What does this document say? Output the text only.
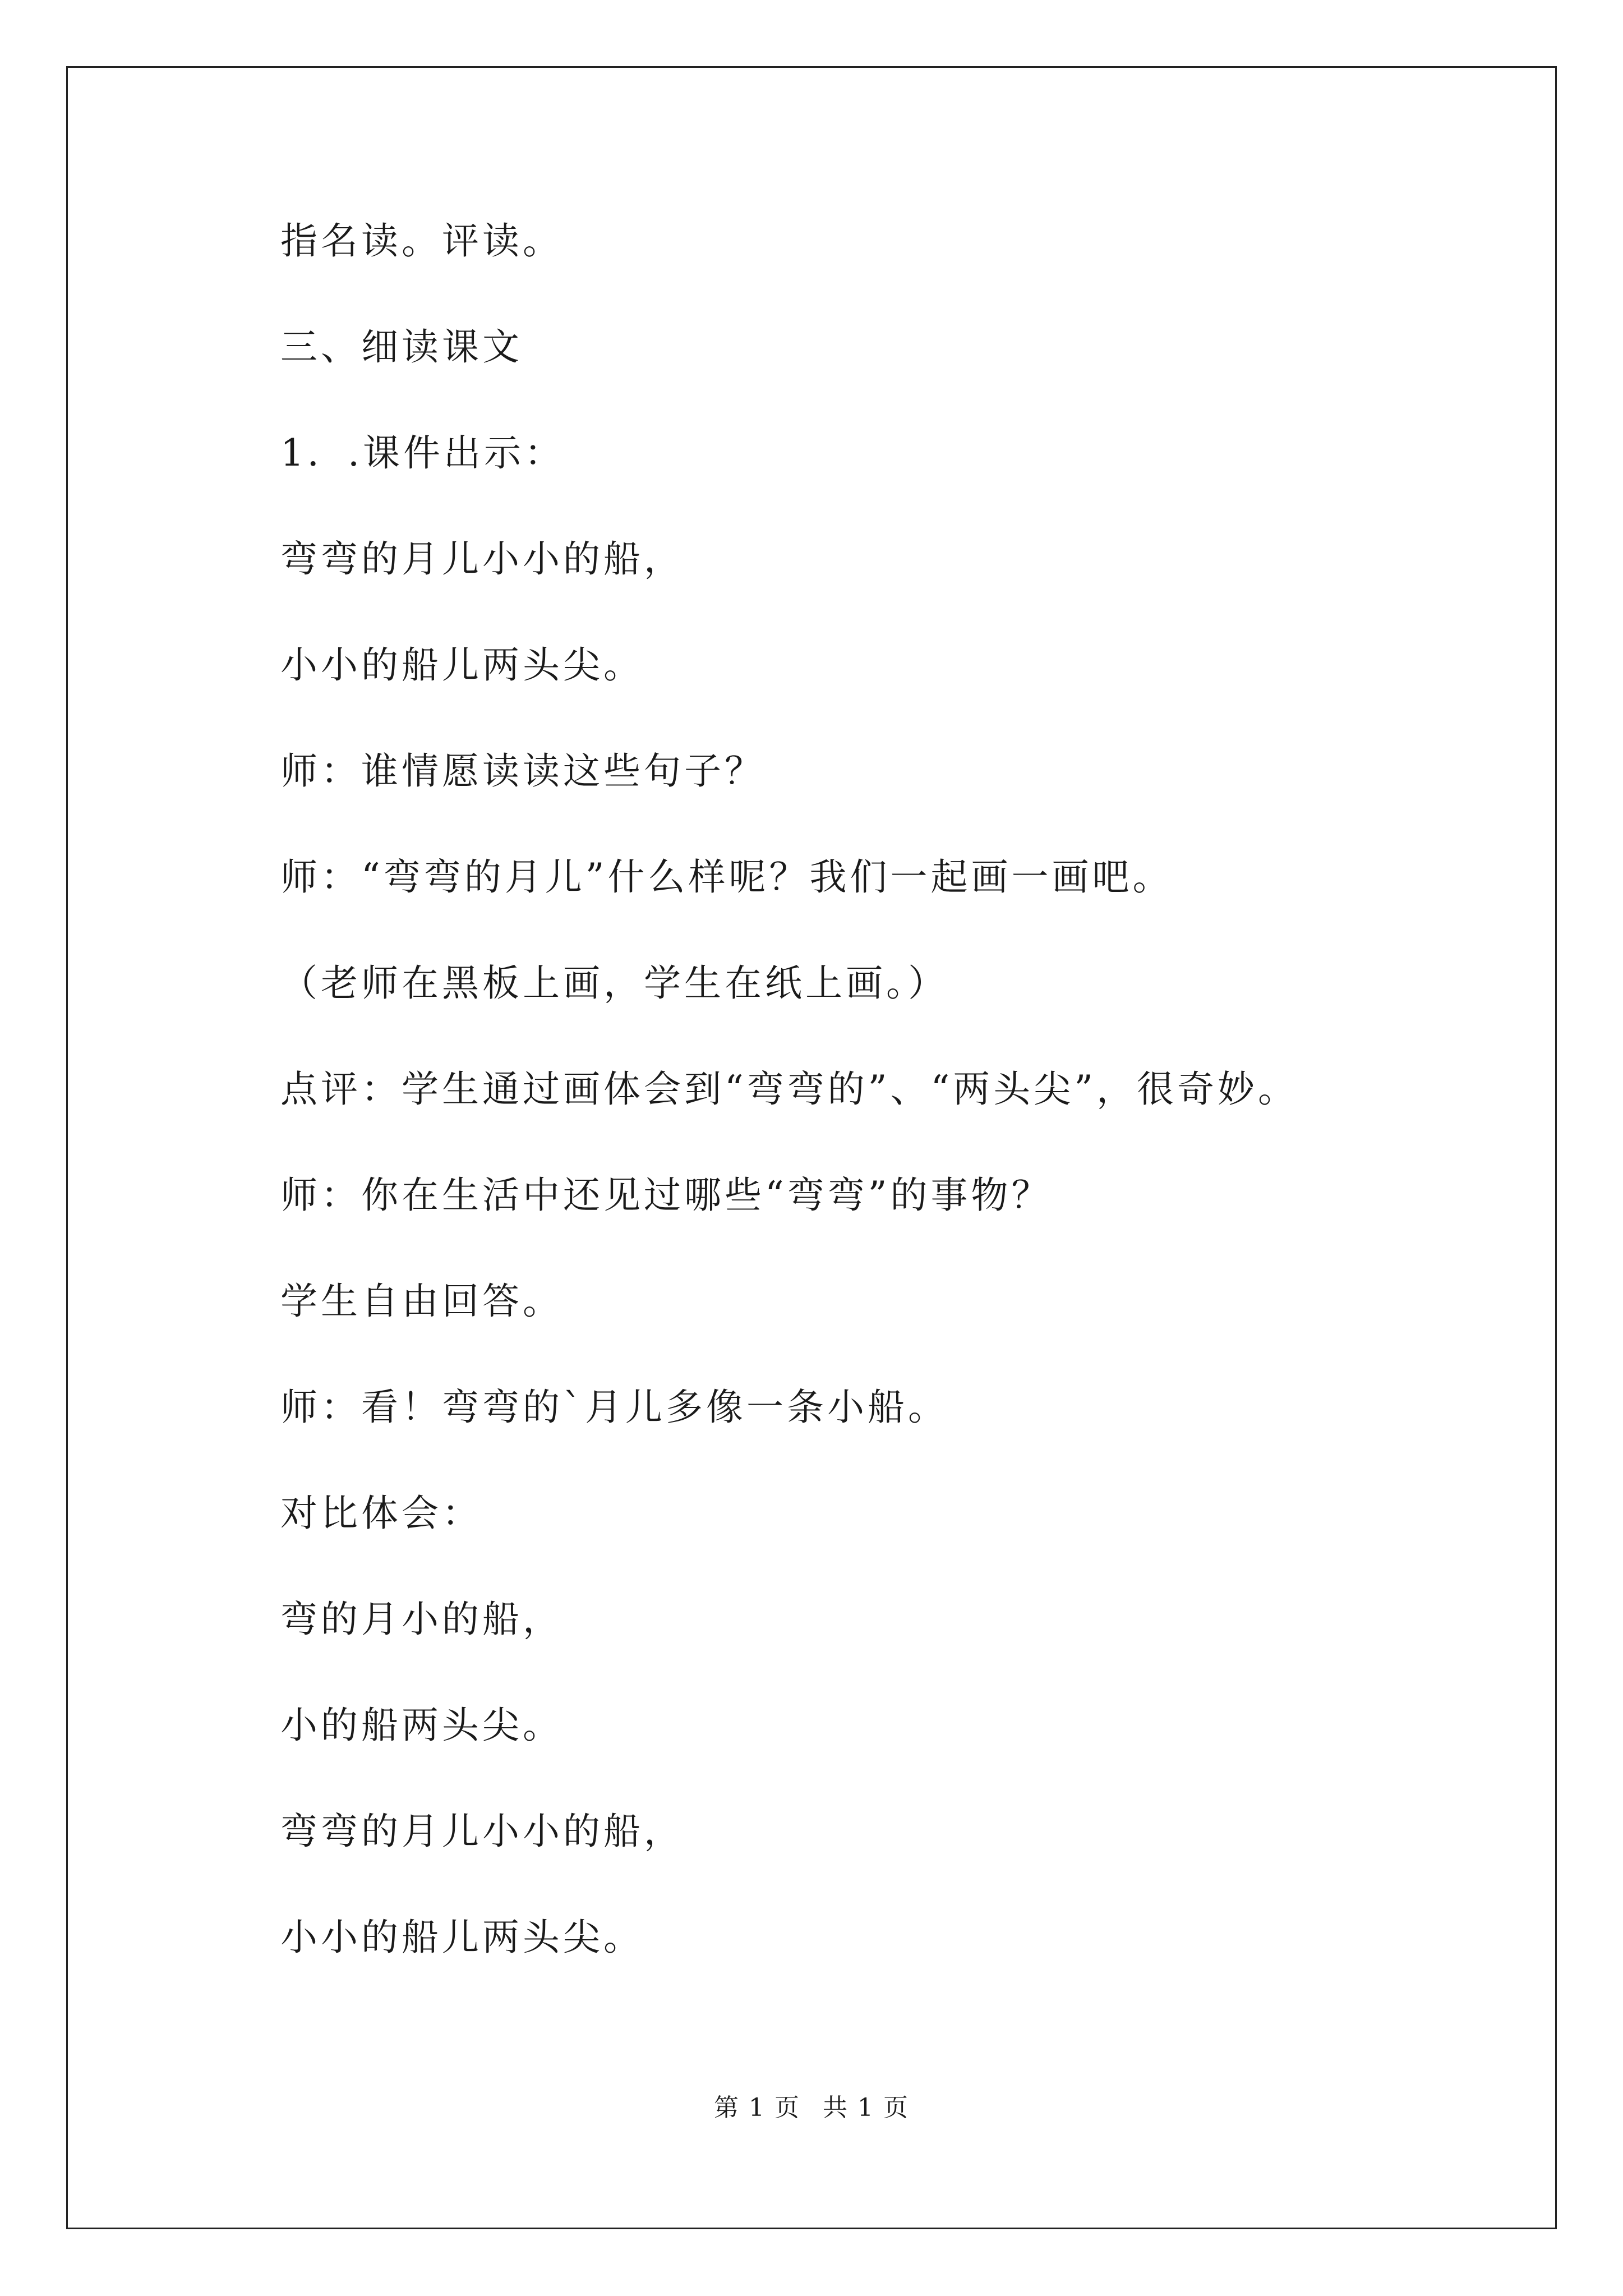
指名读。评读。
三、细读课文
1．.课件出示：
弯弯的月儿小小的船，
小小的船儿两头尖。
师：谁情愿读读这些句子？
师：“弯弯的月儿”什么样呢？我们一起画一画吧。
（老师在黑板上画，学生在纸上画。）
点评：学生通过画体会到“弯弯的”、“两头尖”，很奇妙。
师：你在生活中还见过哪些“弯弯”的事物？
学生自由回答。
师：看！弯弯的`月儿多像一条小船。
对比体会：
弯的月小的船，
小的船两头尖。
弯弯的月儿小小的船，
小小的船儿两头尖。
第 1 页 共 1 页
